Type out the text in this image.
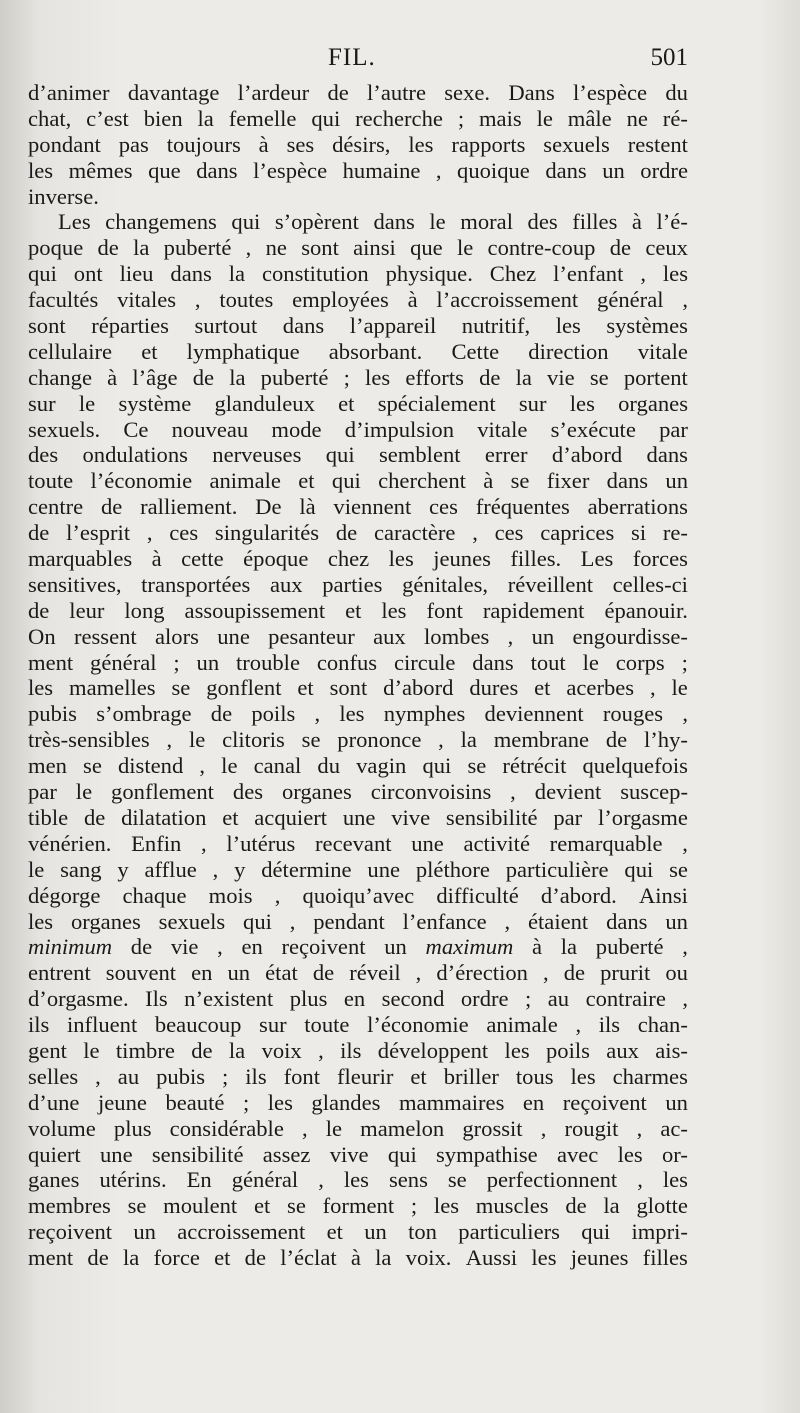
FIL.	501
d’animer davantage l’ardeur de l’autre sexe. Dans l’espèce du
chat, c’est bien la femelle qui recherche ; mais le mâle ne ré-
pondant pas toujours à ses désirs, les rapports sexuels restent
les mêmes que dans l’espèce humaine , quoique dans un ordre
inverse.
Les changemens qui s’opèrent dans le moral des filles à l’é-
poque de la puberté , ne sont ainsi que le contre-coup de ceux
qui ont lieu dans la constitution physique. Chez l’enfant , les
facultés vitales , toutes employées à l’accroissement général ,
sont réparties surtout dans l’appareil nutritif, les systèmes
cellulaire et lymphatique absorbant. Cette direction vitale
change à l’âge de la puberté ; les efforts de la vie se portent
sur le système glanduleux et spécialement sur les organes
sexuels. Ce nouveau mode d’impulsion vitale s’exécute par
des ondulations nerveuses qui semblent errer d’abord dans
toute l’économie animale et qui cherchent à se fixer dans un
centre de ralliement. De là viennent ces fréquentes aberrations
de l’esprit , ces singularités de caractère , ces caprices si re-
marquables à cette époque chez les jeunes filles. Les forces
sensitives, transportées aux parties génitales, réveillent celles-ci
de leur long assoupissement et les font rapidement épanouir.
On ressent alors une pesanteur aux lombes , un engourdisse-
ment général ; un trouble confus circule dans tout le corps ;
les mamelles se gonflent et sont d’abord dures et acerbes , le
pubis s’ombrage de poils , les nymphes deviennent rouges ,
très-sensibles , le clitoris se prononce , la membrane de l’hy-
men se distend , le canal du vagin qui se rétrécit quelquefois
par le gonflement des organes circonvoisins , devient suscep-
tible de dilatation et acquiert une vive sensibilité par l’orgasme
vénérien. Enfin , l’utérus recevant une activité remarquable ,
le sang y afflue , y détermine une pléthore particulière qui se
dégorge chaque mois , quoiqu’avec difficulté d’abord. Ainsi
les organes sexuels qui , pendant l’enfance , étaient dans un
minimum de vie , en reçoivent un maximum à la puberté ,
entrent souvent en un état de réveil , d’érection , de prurit ou
d’orgasme. Ils n’existent plus en second ordre ; au contraire ,
ils influent beaucoup sur toute l’économie animale , ils chan-
gent le timbre de la voix , ils développent les poils aux ais-
selles , au pubis ; ils font fleurir et briller tous les charmes
d’une jeune beauté ; les glandes mammaires en reçoivent un
volume plus considérable , le mamelon grossit , rougit , ac-
quiert une sensibilité assez vive qui sympathise avec les or-
ganes utérins. En général , les sens se perfectionnent , les
membres se moulent et se forment ; les muscles de la glotte
reçoivent un accroissement et un ton particuliers qui impri-
ment de la force et de l’éclat à la voix. Aussi les jeunes filles
